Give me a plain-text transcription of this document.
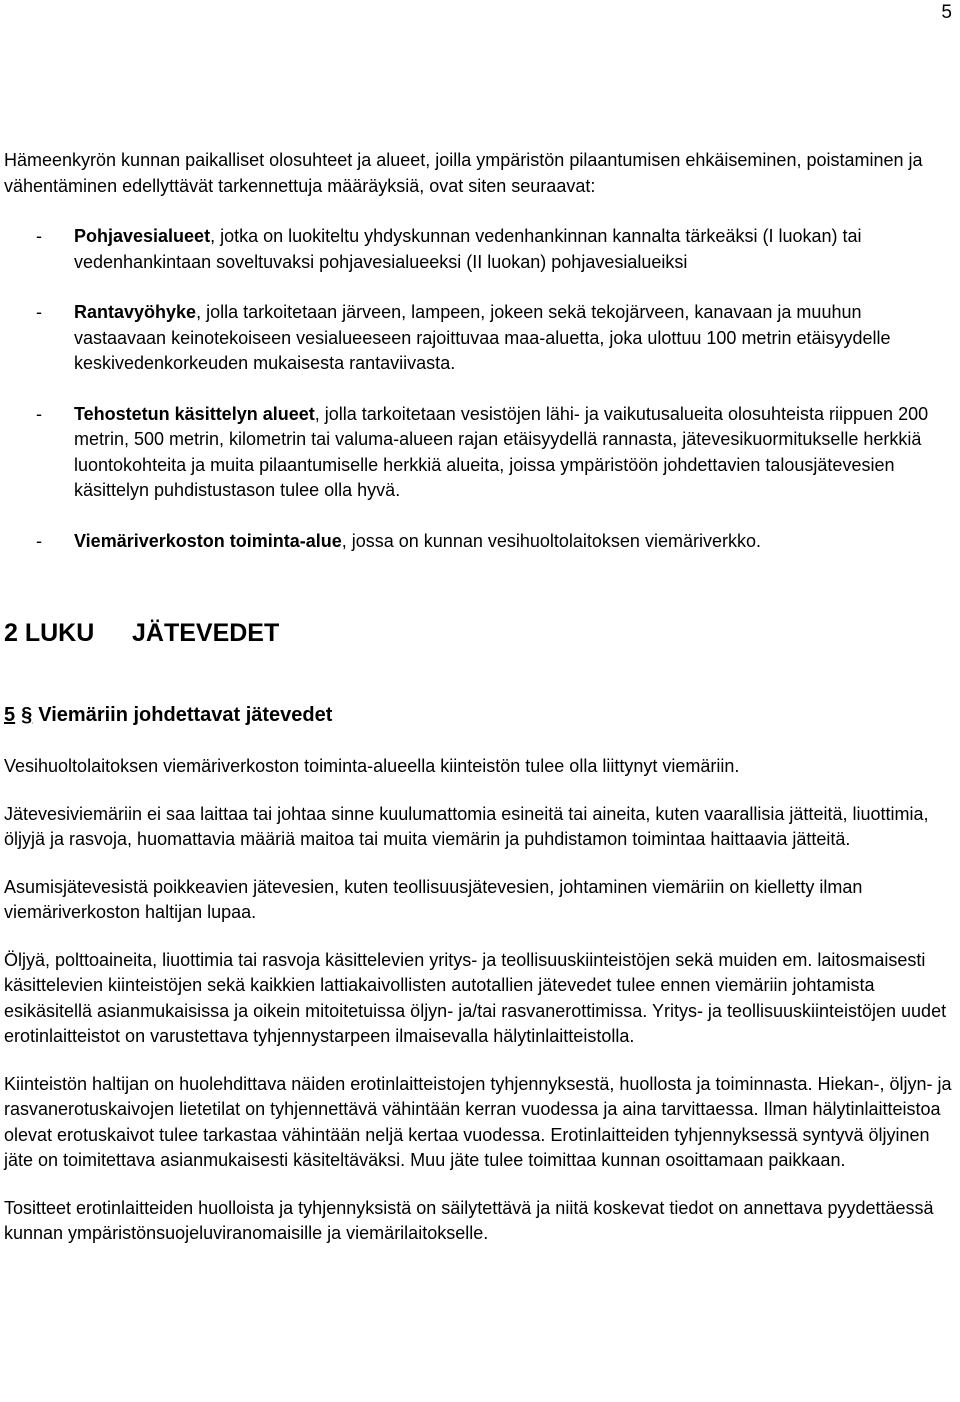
5

Hämeenkyrön kunnan paikalliset olosuhteet ja alueet, joilla ympäristön pilaantumisen ehkäiseminen, poistaminen ja vähentäminen edellyttävät tarkennettuja määräyksiä, ovat siten seuraavat:

-	Pohjavesialueet, jotka on luokiteltu yhdyskunnan vedenhankinnan kannalta tärkeäksi (I luokan) tai vedenhankintaan soveltuvaksi pohjavesialueeksi (II luokan) pohjavesialueiksi
-	Rantavyöhyke, jolla tarkoitetaan järveen, lampeen, jokeen sekä tekojärveen, kanavaan ja muuhun vastaavaan keinotekoiseen vesialueeseen rajoittuvaa maa-aluetta, joka ulottuu 100 metrin etäisyydelle keskivedenkorkeuden mukaisesta rantaviivasta.
-	Tehostetun käsittelyn alueet, jolla tarkoitetaan vesistöjen lähi- ja vaikutusalueita olosuhteista riippuen 200 metrin, 500 metrin, kilometrin tai valuma-alueen rajan etäisyydellä rannasta, jätevesikuormitukselle herkkiä luontokohteita ja muita pilaantumiselle herkkiä alueita, joissa ympäristöön johdettavien talousjätevesien käsittelyn puhdistustason tulee olla hyvä.
-	Viemäriverkoston toiminta-alue, jossa on kunnan vesihuoltolaitoksen viemäriverkko.
2 LUKU JÄTEVEDET
5 § Viemäriin johdettavat jätevedet

Vesihuoltolaitoksen viemäriverkoston toiminta-alueella kiinteistön tulee olla liittynyt viemäriin.

Jätevesiviemäriin ei saa laittaa tai johtaa sinne kuulumattomia esineitä tai aineita, kuten vaarallisia jätteitä, liuottimia, öljyjä ja rasvoja, huomattavia määriä maitoa tai muita viemärin ja puhdistamon toimintaa haittaavia jätteitä.

Asumisjätevesistä poikkeavien jätevesien, kuten teollisuusjätevesien, johtaminen viemäriin on kielletty ilman viemäriverkoston haltijan lupaa.

Öljyä, polttoaineita, liuottimia tai rasvoja käsittelevien yritys- ja teollisuuskiinteistöjen sekä muiden em. laitosmaisesti käsittelevien kiinteistöjen sekä kaikkien lattiakaivollisten autotallien jätevedet tulee ennen viemäriin johtamista esikäsitellä asianmukaisissa ja oikein mitoitetuissa öljyn- ja/tai rasvanerottimissa. Yritys- ja teollisuuskiinteistöjen uudet erotinlaitteistot on varustettava tyhjennystarpeen ilmaisevalla hälytinlaitteistolla.

Kiinteistön haltijan on huolehdittava näiden erotinlaitteistojen tyhjennyksestä, huollosta ja toiminnasta. Hiekan-, öljyn- ja rasvanerotuskaivojen lietetilat on tyhjennettävä vähintään kerran vuodessa ja aina tarvittaessa. Ilman hälytinlaitteistoa olevat erotuskaivot tulee tarkastaa vähintään neljä kertaa vuodessa. Erotinlaitteiden tyhjennyksessä syntyvä öljyinen jäte on toimitettava asianmukaisesti käsiteltäväksi. Muu jäte tulee toimittaa kunnan osoittamaan paikkaan.

Tositteet erotinlaitteiden huolloista ja tyhjennyksistä on säilytettävä ja niitä koskevat tiedot on annettava pyydettäessä kunnan ympäristönsuojeluviranomaisille ja viemärilaitokselle.
